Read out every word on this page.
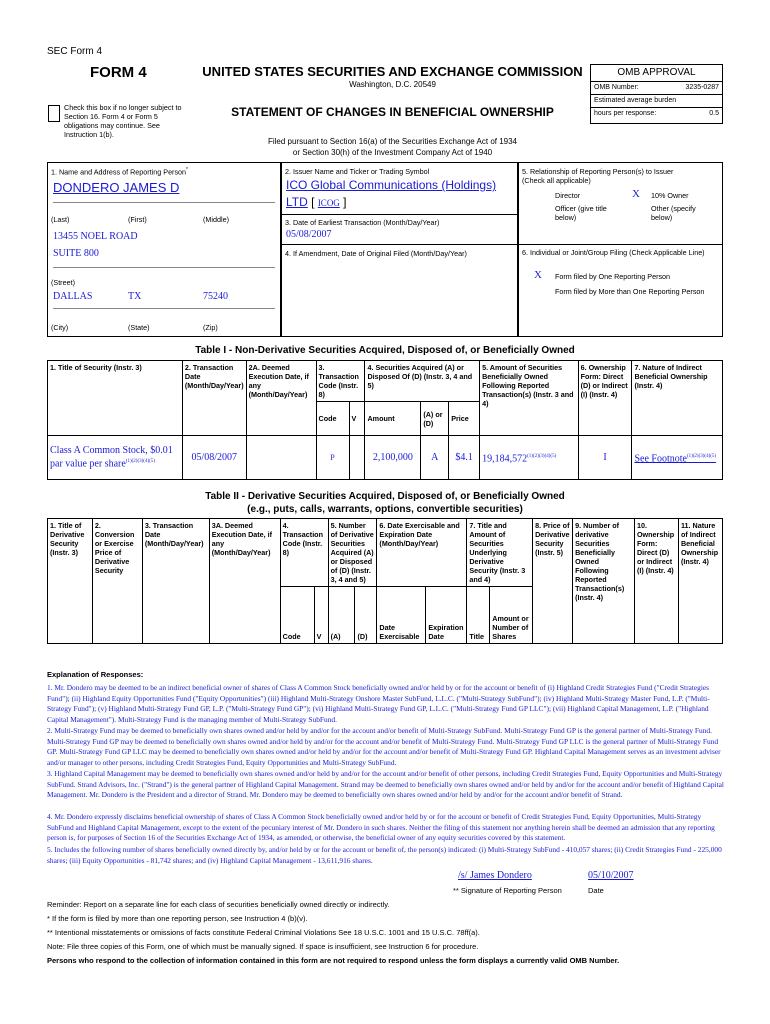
SEC Form 4
FORM 4	UNITED STATES SECURITIES AND EXCHANGE COMMISSION
Washington, D.C. 20549
Check this box if no longer subject to Section 16. Form 4 or Form 5 obligations may continue. See Instruction 1(b).
STATEMENT OF CHANGES IN BENEFICIAL OWNERSHIP
Filed pursuant to Section 16(a) of the Securities Exchange Act of 1934
or Section 30(h) of the Investment Company Act of 1940
OMB APPROVAL
OMB Number:	3235-0287
Estimated average burden
hours per response:	0.5
1. Name and Address of Reporting Person*
DONDERO JAMES D
(Last)	(First)	(Middle)
13455 NOEL ROAD
SUITE 800
(Street)
DALLAS	TX	75240
(City)	(State)	(Zip)
2. Issuer Name and Ticker or Trading Symbol
ICO Global Communications (Holdings)
LTD [ ICOG ]
3. Date of Earliest Transaction (Month/Day/Year)
05/08/2007
4. If Amendment, Date of Original Filed (Month/Day/Year)
5. Relationship of Reporting Person(s) to Issuer
(Check all applicable)
Director	X 10% Owner
Officer (give title below)
Other (specify below)
6. Individual or Joint/Group Filing (Check Applicable Line)
X Form filed by One Reporting Person
Form filed by More than One Reporting Person
Table I - Non-Derivative Securities Acquired, Disposed of, or Beneficially Owned
1. Title of Security (Instr. 3)	2. Transaction Date (Month/Day/Year)	2A. Deemed Execution Date, if any (Month/Day/Year)	3. Transaction Code (Instr. 8)		4. Securities Acquired (A) or Disposed Of (D) (Instr. 3, 4 and 5)			5. Amount of Securities Beneficially Owned Following Reported Transaction(s) (Instr. 3 and 4)	6. Ownership Form: Direct (D) or Indirect (I) (Instr. 4)	7. Nature of Indirect Beneficial Ownership (Instr. 4)
			Code	V	Amount	(A) or (D)	Price			
Class A Common Stock, $0.01 par value per share$^{(1)(2)(3)(4)(5)}$	05/08/2007		P		2,100,000	A	$4.1	$19,184,572^{(1)(2)(3)(4)(5)}$	I	See Footnote$^{(1)(2)(3)(4)(5)}$
Table II - Derivative Securities Acquired, Disposed of, or Beneficially Owned
(e.g., puts, calls, warrants, options, convertible securities)
1. Title of Derivative Security (Instr. 3)	2. Conversion or Exercise Price of Derivative Security	3. Transaction Date (Month/Day/Year)	3A. Deemed Execution Date, if any (Month/Day/Year)	4. Transaction Code (Instr. 8)		5. Number of Derivative Securities Acquired (A) or Disposed of (D) (Instr. 3, 4 and 5)		6. Date Exercisable and Expiration Date (Month/Day/Year)		7. Title and Amount of Securities Underlying Derivative Security (Instr. 3 and 4)		8. Price of Derivative Security (Instr. 5)	9. Number of derivative Securities Beneficially Owned Following Reported Transaction(s) (Instr. 4)	10. Ownership Form: Direct (D) or Indirect (I) (Instr. 4)	11. Nature of Indirect Beneficial Ownership (Instr. 4)
				Code	V	(A)	(D)	Date Exercisable	Expiration Date	Title	Amount or Number of Shares				
Explanation of Responses:
1. Mr. Dondero may be deemed to be an indirect beneficial owner of shares of Class A Common Stock beneficially owned and/or held by or for the account or benefit of (i) Highland Credit Strategies Fund ("Credit Strategies Fund"); (ii) Highland Equity Opportunities Fund ("Equity Opportunities") (iii) Highland Multi-Strategy Onshore Master SubFund, L.L.C. ("Multi-Strategy SubFund"); (iv) Highland Multi-Strategy Master Fund, L.P. ("Multi-Strategy Fund"); (v) Highland Multi-Strategy Fund GP, L.P. ("Multi-Strategy Fund GP"); (vi) Highland Multi-Strategy Fund GP, L.L.C. ("Multi-Strategy Fund GP LLC"); (vii) Highland Capital Management, L.P. ("Highland Capital Management"). Multi-Strategy Fund is the managing member of Multi-Strategy SubFund.
2. Multi-Strategy Fund may be deemed to beneficially own shares owned and/or held by and/or for the account and/or benefit of Multi-Strategy SubFund. Multi-Strategy Fund GP is the general partner of Multi-Strategy Fund. Multi-Strategy Fund GP may be deemed to beneficially own shares owned and/or held by and/or for the account and/or benefit of Multi-Strategy Fund. Multi-Strategy Fund GP LLC is the general partner of Multi-Strategy Fund GP. Multi-Strategy Fund GP LLC may be deemed to beneficially own shares owned and/or held by and/or for the account and/or benefit of Multi-Strategy Fund GP. Highland Capital Management serves as an investment adviser and/or manager to other persons, including Credit Strategies Fund, Equity Opportunities and Multi-Strategy SubFund.
3. Highland Capital Management may be deemed to beneficially own shares owned and/or held by and/or for the account and/or benefit of other persons, including Credit Strategies Fund, Equity Opportunities and Multi-Strategy SubFund. Strand Advisors, Inc. ("Strand") is the general partner of Highland Capital Management. Strand may be deemed to beneficially own shares owned and/or held by and/or for the account and/or benefit of Highland Capital Management. Mr. Dondero is the President and a director of Strand. Mr. Dondero may be deemed to beneficially own shares owned and/or held by and/or for the account and/or benefit of Strand.
4. Mr. Dondero expressly disclaims beneficial ownership of shares of Class A Common Stock beneficially owned and/or held by or for the account or benefit of Credit Strategies Fund, Equity Opportunities, Multi-Strategy SubFund and Highland Capital Management, except to the extent of the pecuniary interest of Mr. Dondero in such shares. Neither the filing of this statement nor anything herein shall be deemed an admission that any reporting person is, for purposes of Section 16 of the Securities Exchange Act of 1934, as amended, or otherwise, the beneficial owner of any equity securities covered by this statement.
5. Includes the following number of shares beneficially owned directly by, and/or held by or for the account or benefit of, the person(s) indicated: (i) Multi-Strategy SubFund - 410,057 shares; (ii) Credit Strategies Fund - 225,000 shares; (iii) Equity Opportunities - 81,742 shares; and (iv) Highland Capital Management - 13,611,916 shares.
/s/ James Dondero	05/10/2007
** Signature of Reporting Person	Date
Reminder: Report on a separate line for each class of securities beneficially owned directly or indirectly.
* If the form is filed by more than one reporting person, see Instruction 4 (b)(v).
** Intentional misstatements or omissions of facts constitute Federal Criminal Violations See 18 U.S.C. 1001 and 15 U.S.C. 78ff(a).
Note: File three copies of this Form, one of which must be manually signed. If space is insufficient, see Instruction 6 for procedure.
Persons who respond to the collection of information contained in this form are not required to respond unless the form displays a currently valid OMB Number.
